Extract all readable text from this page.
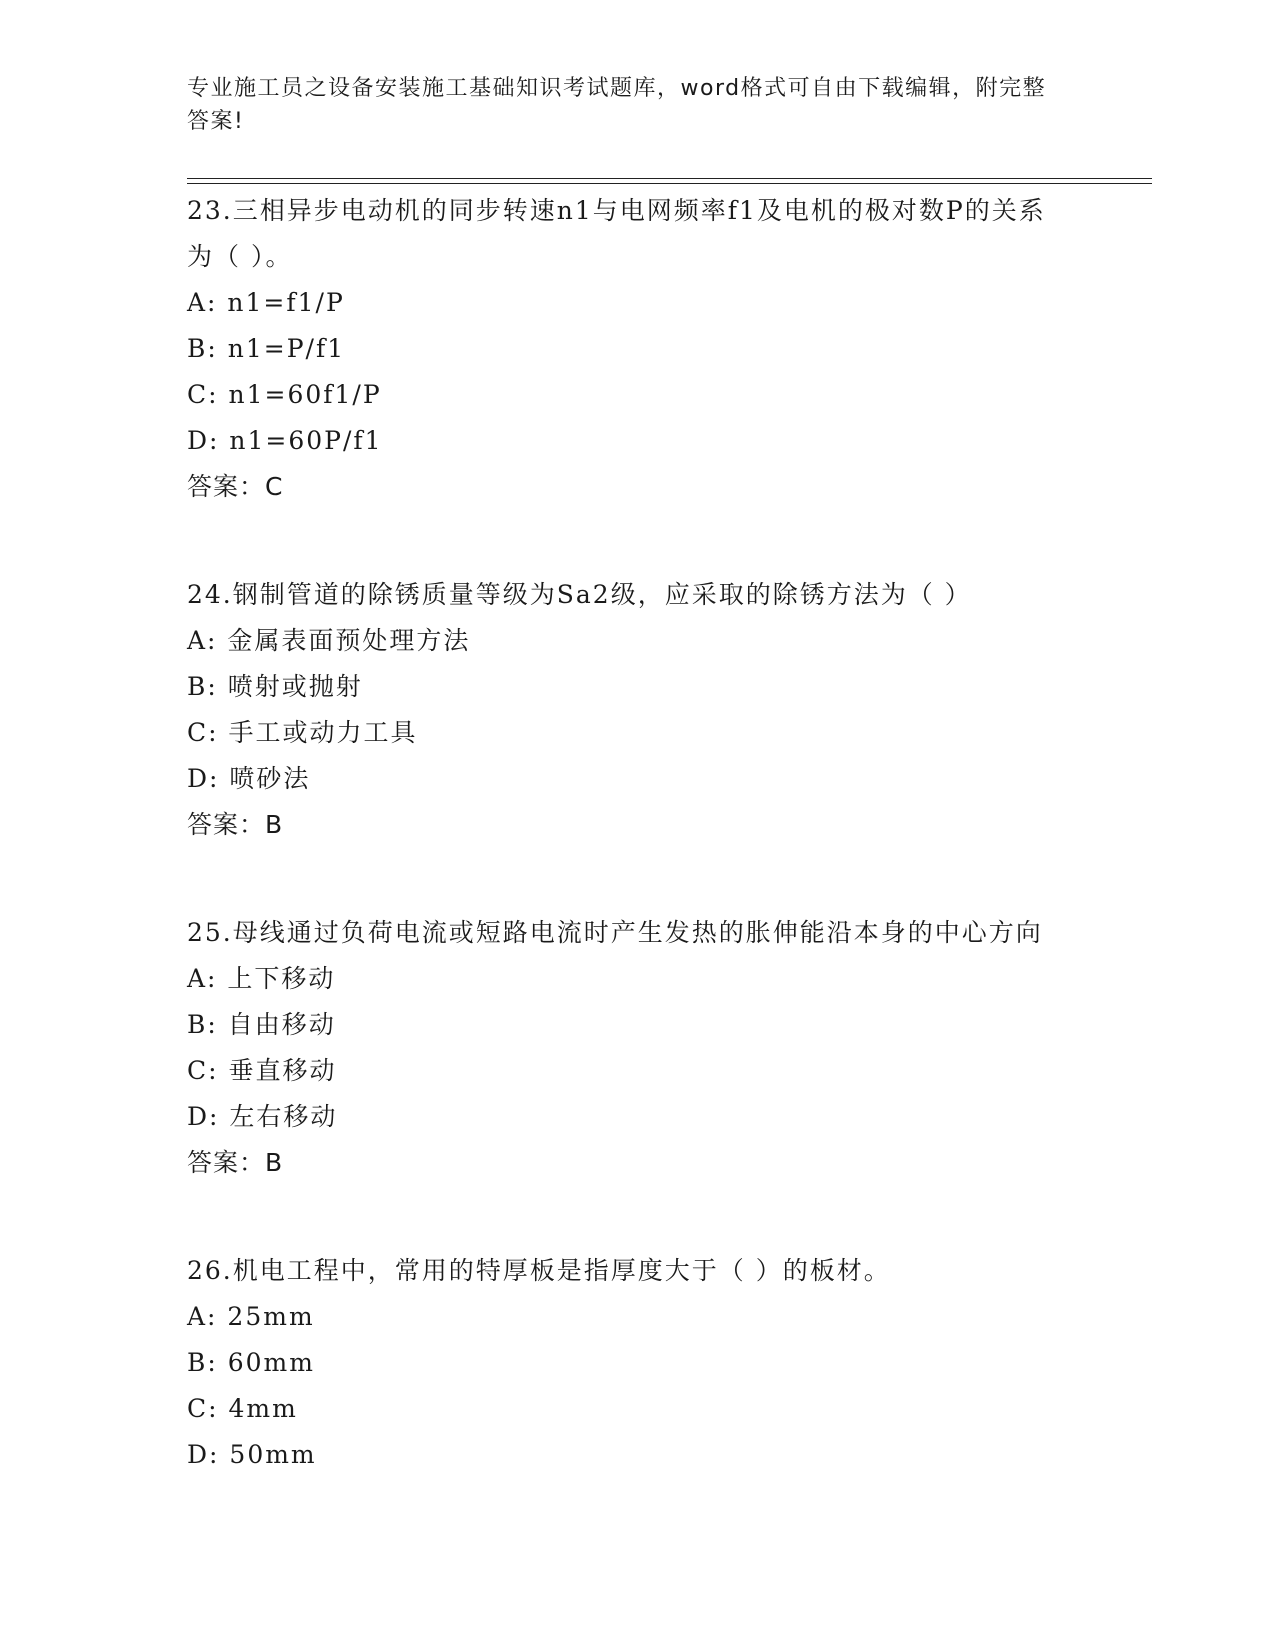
专业施工员之设备安装施工基础知识考试题库，word格式可自由下载编辑，附完整答案!
23.三相异步电动机的同步转速n1与电网频率f1及电机的极对数P的关系为（ ）。
A: n1=f1/P
B: n1=P/f1
C: n1=60f1/P
D: n1=60P/f1
答案：C
24.钢制管道的除锈质量等级为Sa2级，应采取的除锈方法为（ ）
A: 金属表面预处理方法
B: 喷射或抛射
C: 手工或动力工具
D: 喷砂法
答案：B
25.母线通过负荷电流或短路电流时产生发热的胀伸能沿本身的中心方向
A: 上下移动
B: 自由移动
C: 垂直移动
D: 左右移动
答案：B
26.机电工程中，常用的特厚板是指厚度大于（ ）的板材。
A: 25mm
B: 60mm
C: 4mm
D: 50mm
